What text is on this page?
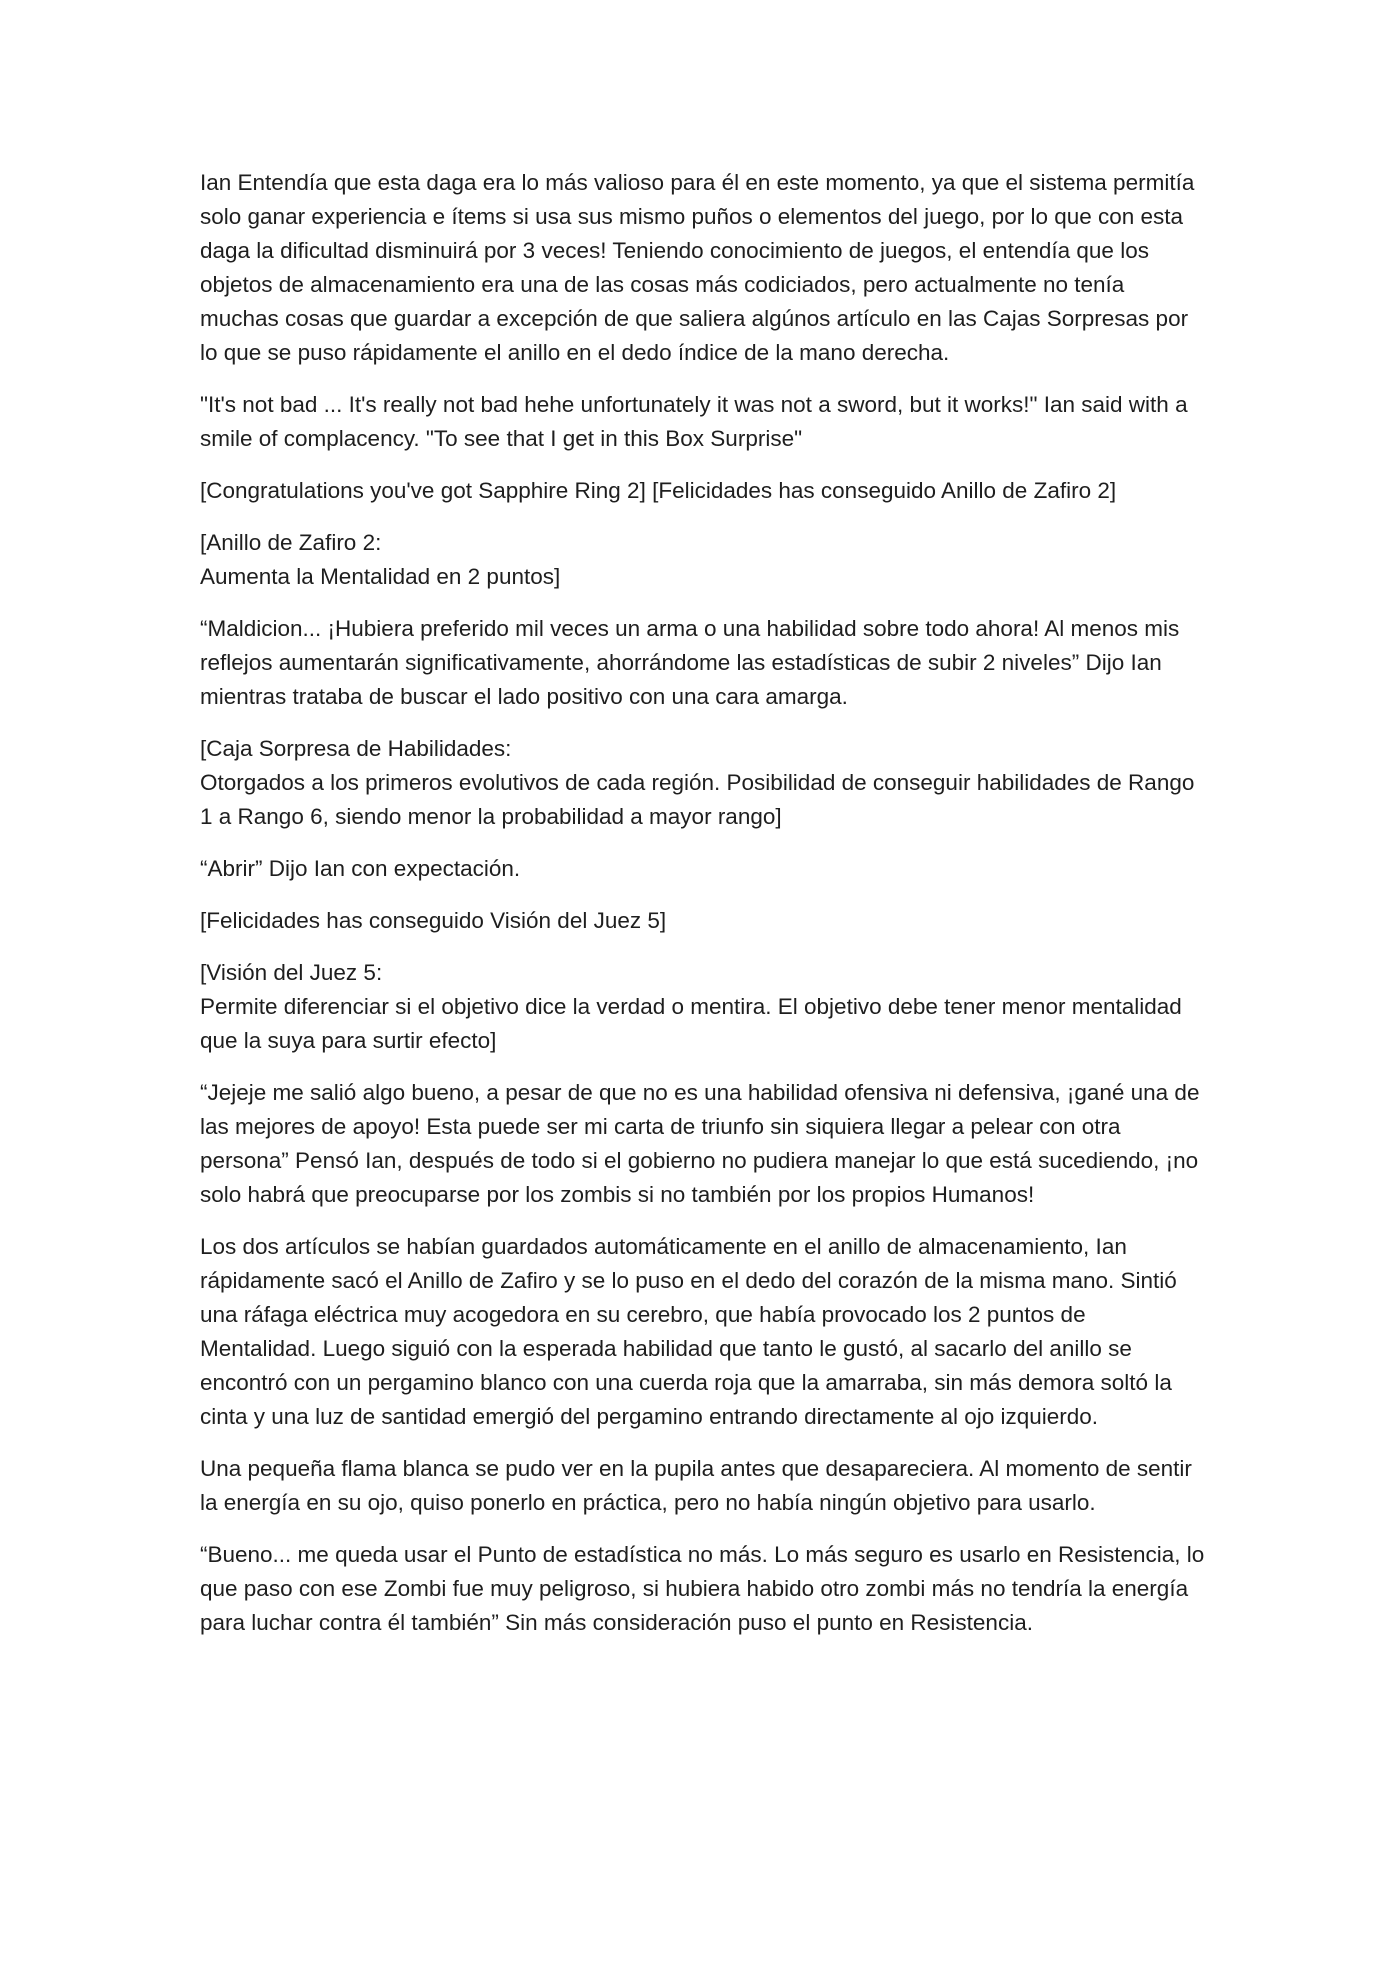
Ian Entendía que esta daga era lo más valioso para él en este momento, ya que el sistema permitía solo ganar experiencia e ítems si usa sus mismo puños o elementos del juego, por lo que con esta daga la dificultad disminuirá por 3 veces! Teniendo conocimiento de juegos, el entendía que los objetos de almacenamiento era una de las cosas más codiciados, pero actualmente no tenía muchas cosas que guardar a excepción de que saliera algúnos artículo en las Cajas Sorpresas por lo que se puso rápidamente el anillo en el dedo índice de la mano derecha.

"It's not bad ... It's really not bad hehe unfortunately it was not a sword, but it works!" Ian said with a smile of complacency. "To see that I get in this Box Surprise"

[Congratulations you've got Sapphire Ring 2] [Felicidades has conseguido Anillo de Zafiro 2]

[Anillo de Zafiro 2:
Aumenta la Mentalidad en 2 puntos]

“Maldicion... ¡Hubiera preferido mil veces un arma o una habilidad sobre todo ahora! Al menos mis reflejos aumentarán significativamente, ahorrándome las estadísticas de subir 2 niveles” Dijo Ian mientras trataba de buscar el lado positivo con una cara amarga.

[Caja Sorpresa de Habilidades:
Otorgados a los primeros evolutivos de cada región. Posibilidad de conseguir habilidades de Rango 1 a Rango 6, siendo menor la probabilidad a mayor rango]

“Abrir” Dijo Ian con expectación.

[Felicidades has conseguido Visión del Juez 5]

[Visión del Juez 5:
Permite diferenciar si el objetivo dice la verdad o mentira. El objetivo debe tener menor mentalidad que la suya para surtir efecto]

“Jejeje me salió algo bueno, a pesar de que no es una habilidad ofensiva ni defensiva, ¡gané una de las mejores de apoyo! Esta puede ser mi carta de triunfo sin siquiera llegar a pelear con otra persona” Pensó Ian, después de todo si el gobierno no pudiera manejar lo que está sucediendo, ¡no solo habrá que preocuparse por los zombis si no también por los propios Humanos!

Los dos artículos se habían guardados automáticamente en el anillo de almacenamiento, Ian rápidamente sacó el Anillo de Zafiro y se lo puso en el dedo del corazón de la misma mano. Sintió una ráfaga eléctrica muy acogedora en su cerebro, que había provocado los 2 puntos de Mentalidad. Luego siguió con la esperada habilidad que tanto le gustó, al sacarlo del anillo se encontró con un pergamino blanco con una cuerda roja que la amarraba, sin más demora soltó la cinta y una luz de santidad emergió del pergamino entrando directamente al ojo izquierdo.

Una pequeña flama blanca se pudo ver en la pupila antes que desapareciera. Al momento de sentir la energía en su ojo, quiso ponerlo en práctica, pero no había ningún objetivo para usarlo.

“Bueno... me queda usar el Punto de estadística no más. Lo más seguro es usarlo en Resistencia, lo que paso con ese Zombi fue muy peligroso, si hubiera habido otro zombi más no tendría la energía para luchar contra él también” Sin más consideración puso el punto en Resistencia.
